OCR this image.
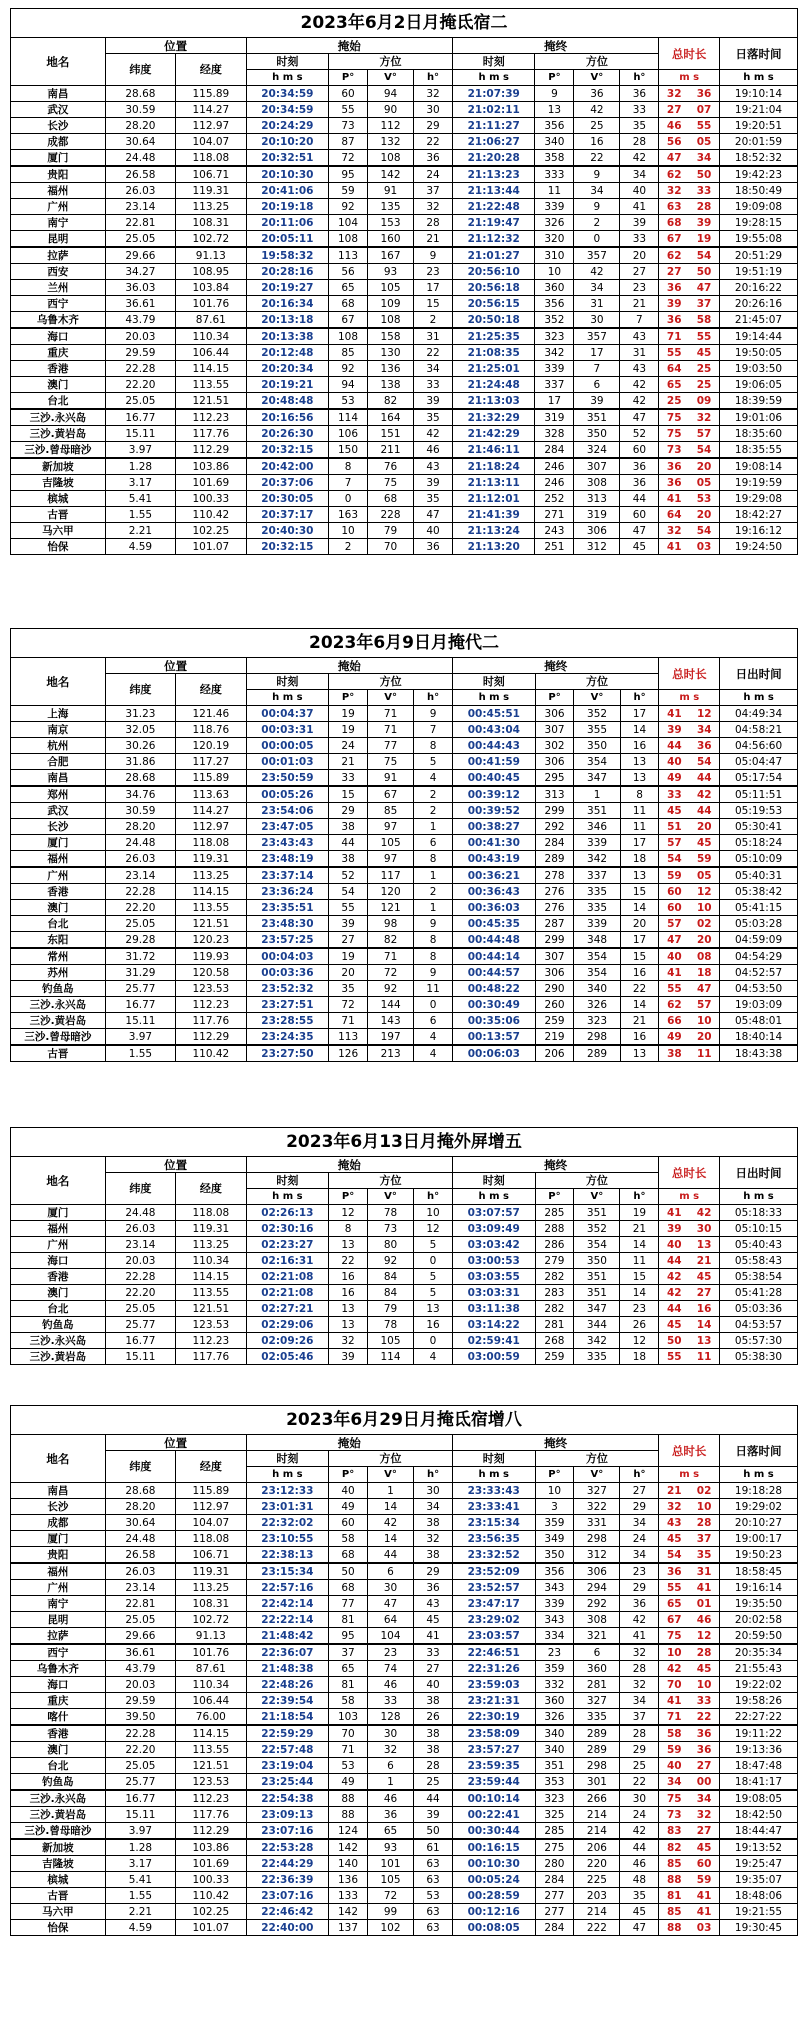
2023年6月2日月掩氐宿二													
地名	位置		掩始				掩终				总时长		日落时间
	纬度	经度	时刻	方位			时刻	方位					
			h m s	P°	V°	h°	h m s	P°	V°	h°	m s		h m s
南昌	28.68	115.89	20:34:59	60	94	32	21:07:39	9	36	36	32	36	19:10:14
武汉	30.59	114.27	20:34:59	55	90	30	21:02:11	13	42	33	27	07	19:21:04
长沙	28.20	112.97	20:24:29	73	112	29	21:11:27	356	25	35	46	55	19:20:51
成都	30.64	104.07	20:10:20	87	132	22	21:06:27	340	16	28	56	05	20:01:59
厦门	24.48	118.08	20:32:51	72	108	36	21:20:28	358	22	42	47	34	18:52:32
贵阳	26.58	106.71	20:10:30	95	142	24	21:13:23	333	9	34	62	50	19:42:23
福州	26.03	119.31	20:41:06	59	91	37	21:13:44	11	34	40	32	33	18:50:49
广州	23.14	113.25	20:19:18	92	135	32	21:22:48	339	9	41	63	28	19:09:08
南宁	22.81	108.31	20:11:06	104	153	28	21:19:47	326	2	39	68	39	19:28:15
昆明	25.05	102.72	20:05:11	108	160	21	21:12:32	320	0	33	67	19	19:55:08
拉萨	29.66	91.13	19:58:32	113	167	9	21:01:27	310	357	20	62	54	20:51:29
西安	34.27	108.95	20:28:16	56	93	23	20:56:10	10	42	27	27	50	19:51:19
兰州	36.03	103.84	20:19:27	65	105	17	20:56:18	360	34	23	36	47	20:16:22
西宁	36.61	101.76	20:16:34	68	109	15	20:56:15	356	31	21	39	37	20:26:16
乌鲁木齐	43.79	87.61	20:13:18	67	108	2	20:50:18	352	30	7	36	58	21:45:07
海口	20.03	110.34	20:13:38	108	158	31	21:25:35	323	357	43	71	55	19:14:44
重庆	29.59	106.44	20:12:48	85	130	22	21:08:35	342	17	31	55	45	19:50:05
香港	22.28	114.15	20:20:34	92	136	34	21:25:01	339	7	43	64	25	19:03:50
澳门	22.20	113.55	20:19:21	94	138	33	21:24:48	337	6	42	65	25	19:06:05
台北	25.05	121.51	20:48:48	53	82	39	21:13:03	17	39	42	25	09	18:39:59
三沙.永兴岛	16.77	112.23	20:16:56	114	164	35	21:32:29	319	351	47	75	32	19:01:06
三沙.黄岩岛	15.11	117.76	20:26:30	106	151	42	21:42:29	328	350	52	75	57	18:35:60
三沙.曾母暗沙	3.97	112.29	20:32:15	150	211	46	21:46:11	284	324	60	73	54	18:35:55
新加坡	1.28	103.86	20:42:00	8	76	43	21:18:24	246	307	36	36	20	19:08:14
吉隆坡	3.17	101.69	20:37:06	7	75	39	21:13:11	246	308	36	36	05	19:19:59
槟城	5.41	100.33	20:30:05	0	68	35	21:12:01	252	313	44	41	53	19:29:08
古晋	1.55	110.42	20:37:17	163	228	47	21:41:39	271	319	60	64	20	18:42:27
马六甲	2.21	102.25	20:40:30	10	79	40	21:13:24	243	306	47	32	54	19:16:12
怡保	4.59	101.07	20:32:15	2	70	36	21:13:20	251	312	45	41	03	19:24:50
2023年6月9日月掩代二													
地名	位置		掩始				掩终				总时长		日出时间
	纬度	经度	时刻	方位			时刻	方位					
			h m s	P°	V°	h°	h m s	P°	V°	h°	m s		h m s
上海	31.23	121.46	00:04:37	19	71	9	00:45:51	306	352	17	41	12	04:49:34
南京	32.05	118.76	00:03:31	19	71	7	00:43:04	307	355	14	39	34	04:58:21
杭州	30.26	120.19	00:00:05	24	77	8	00:44:43	302	350	16	44	36	04:56:60
合肥	31.86	117.27	00:01:03	21	75	5	00:41:59	306	354	13	40	54	05:04:47
南昌	28.68	115.89	23:50:59	33	91	4	00:40:45	295	347	13	49	44	05:17:54
郑州	34.76	113.63	00:05:26	15	67	2	00:39:12	313	1	8	33	42	05:11:51
武汉	30.59	114.27	23:54:06	29	85	2	00:39:52	299	351	11	45	44	05:19:53
长沙	28.20	112.97	23:47:05	38	97	1	00:38:27	292	346	11	51	20	05:30:41
厦门	24.48	118.08	23:43:43	44	105	6	00:41:30	284	339	17	57	45	05:18:24
福州	26.03	119.31	23:48:19	38	97	8	00:43:19	289	342	18	54	59	05:10:09
广州	23.14	113.25	23:37:14	52	117	1	00:36:21	278	337	13	59	05	05:40:31
香港	22.28	114.15	23:36:24	54	120	2	00:36:43	276	335	15	60	12	05:38:42
澳门	22.20	113.55	23:35:51	55	121	1	00:36:03	276	335	14	60	10	05:41:15
台北	25.05	121.51	23:48:30	39	98	9	00:45:35	287	339	20	57	02	05:03:28
东阳	29.28	120.23	23:57:25	27	82	8	00:44:48	299	348	17	47	20	04:59:09
常州	31.72	119.93	00:04:03	19	71	8	00:44:14	307	354	15	40	08	04:54:29
苏州	31.29	120.58	00:03:36	20	72	9	00:44:57	306	354	16	41	18	04:52:57
钓鱼岛	25.77	123.53	23:52:32	35	92	11	00:48:22	290	340	22	55	47	04:53:50
三沙.永兴岛	16.77	112.23	23:27:51	72	144	0	00:30:49	260	326	14	62	57	19:03:09
三沙.黄岩岛	15.11	117.76	23:28:55	71	143	6	00:35:06	259	323	21	66	10	05:48:01
三沙.曾母暗沙	3.97	112.29	23:24:35	113	197	4	00:13:57	219	298	16	49	20	18:40:14
古晋	1.55	110.42	23:27:50	126	213	4	00:06:03	206	289	13	38	11	18:43:38
2023年6月13日月掩外屏增五													
地名	位置		掩始				掩终				总时长		日出时间
	纬度	经度	时刻	方位			时刻	方位					
			h m s	P°	V°	h°	h m s	P°	V°	h°	m s		h m s
厦门	24.48	118.08	02:26:13	12	78	10	03:07:57	285	351	19	41	42	05:18:33
福州	26.03	119.31	02:30:16	8	73	12	03:09:49	288	352	21	39	30	05:10:15
广州	23.14	113.25	02:23:27	13	80	5	03:03:42	286	354	14	40	13	05:40:43
海口	20.03	110.34	02:16:31	22	92	0	03:00:53	279	350	11	44	21	05:58:43
香港	22.28	114.15	02:21:08	16	84	5	03:03:55	282	351	15	42	45	05:38:54
澳门	22.20	113.55	02:21:08	16	84	5	03:03:31	283	351	14	42	27	05:41:28
台北	25.05	121.51	02:27:21	13	79	13	03:11:38	282	347	23	44	16	05:03:36
钓鱼岛	25.77	123.53	02:29:06	13	78	16	03:14:22	281	344	26	45	14	04:53:57
三沙.永兴岛	16.77	112.23	02:09:26	32	105	0	02:59:41	268	342	12	50	13	05:57:30
三沙.黄岩岛	15.11	117.76	02:05:46	39	114	4	03:00:59	259	335	18	55	11	05:38:30
2023年6月29日月掩氐宿增八													
地名	位置		掩始				掩终				总时长		日落时间
	纬度	经度	时刻	方位			时刻	方位					
			h m s	P°	V°	h°	h m s	P°	V°	h°	m s		h m s
南昌	28.68	115.89	23:12:33	40	1	30	23:33:43	10	327	27	21	02	19:18:28
长沙	28.20	112.97	23:01:31	49	14	34	23:33:41	3	322	29	32	10	19:29:02
成都	30.64	104.07	22:32:02	60	42	38	23:15:34	359	331	34	43	28	20:10:27
厦门	24.48	118.08	23:10:55	58	14	32	23:56:35	349	298	24	45	37	19:00:17
贵阳	26.58	106.71	22:38:13	68	44	38	23:32:52	350	312	34	54	35	19:50:23
福州	26.03	119.31	23:15:34	50	6	29	23:52:09	356	306	23	36	31	18:58:45
广州	23.14	113.25	22:57:16	68	30	36	23:52:57	343	294	29	55	41	19:16:14
南宁	22.81	108.31	22:42:14	77	47	43	23:47:17	339	292	36	65	01	19:35:50
昆明	25.05	102.72	22:22:14	81	64	45	23:29:02	343	308	42	67	46	20:02:58
拉萨	29.66	91.13	21:48:42	95	104	41	23:03:57	334	321	41	75	12	20:59:50
西宁	36.61	101.76	22:36:07	37	23	33	22:46:51	23	6	32	10	28	20:35:34
乌鲁木齐	43.79	87.61	21:48:38	65	74	27	22:31:26	359	360	28	42	45	21:55:43
海口	20.03	110.34	22:48:26	81	46	40	23:59:03	332	281	32	70	10	19:22:02
重庆	29.59	106.44	22:39:54	58	33	38	23:21:31	360	327	34	41	33	19:58:26
喀什	39.50	76.00	21:18:54	103	128	26	22:30:19	326	335	37	71	22	22:27:22
香港	22.28	114.15	22:59:29	70	30	38	23:58:09	340	289	28	58	36	19:11:22
澳门	22.20	113.55	22:57:48	71	32	38	23:57:27	340	289	29	59	36	19:13:36
台北	25.05	121.51	23:19:04	53	6	28	23:59:35	351	298	25	40	27	18:47:48
钓鱼岛	25.77	123.53	23:25:44	49	1	25	23:59:44	353	301	22	34	00	18:41:17
三沙.永兴岛	16.77	112.23	22:54:38	88	46	44	00:10:14	323	266	30	75	34	19:08:05
三沙.黄岩岛	15.11	117.76	23:09:13	88	36	39	00:22:41	325	214	24	73	32	18:42:50
三沙.曾母暗沙	3.97	112.29	23:07:16	124	65	50	00:30:44	285	214	42	83	27	18:44:47
新加坡	1.28	103.86	22:53:28	142	93	61	00:16:15	275	206	44	82	45	19:13:52
吉隆坡	3.17	101.69	22:44:29	140	101	63	00:10:30	280	220	46	85	60	19:25:47
槟城	5.41	100.33	22:36:39	136	105	63	00:05:24	284	225	48	88	59	19:35:07
古晋	1.55	110.42	23:07:16	133	72	53	00:28:59	277	203	35	81	41	18:48:06
马六甲	2.21	102.25	22:46:42	142	99	63	00:12:16	277	214	45	85	41	19:21:55
怡保	4.59	101.07	22:40:00	137	102	63	00:08:05	284	222	47	88	03	19:30:45
